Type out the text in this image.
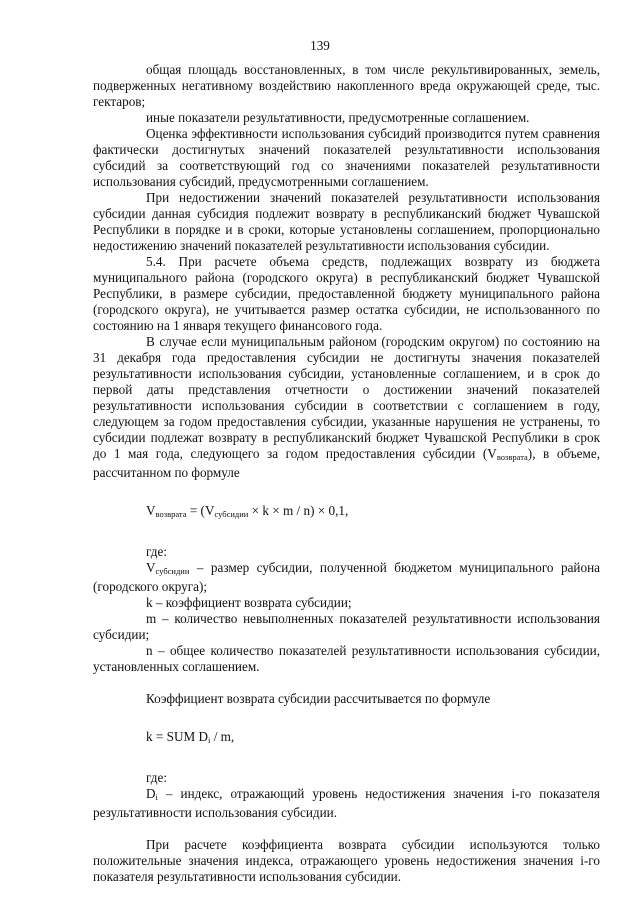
139

общая площадь восстановленных, в том числе рекультивированных, земель, подверженных негативному воздействию накопленного вреда окружающей среде, тыс. гектаров;

иные показатели результативности, предусмотренные соглашением.

Оценка эффективности использования субсидий производится путем сравнения фактически достигнутых значений показателей результативности использования субсидий за соответствующий год со значениями показателей результативности использования субсидий, предусмотренными соглашением.

При недостижении значений показателей результативности использования субсидии данная субсидия подлежит возврату в республиканский бюджет Чувашской Республики в порядке и в сроки, которые установлены соглашением, пропорционально недостижению значений показателей результативности использования субсидии.

5.4. При расчете объема средств, подлежащих возврату из бюджета муниципального района (городского округа) в республиканский бюджет Чувашской Республики, в размере субсидии, предоставленной бюджету муниципального района (городского округа), не учитывается размер остатка субсидии, не использованного по состоянию на 1 января текущего финансового года.

В случае если муниципальным районом (городским округом) по состоянию на 31 декабря года предоставления субсидии не достигнуты значения показателей результативности использования субсидии, установленные соглашением, и в срок до первой даты представления отчетности о достижении значений показателей результативности использования субсидии в соответствии с соглашением в году, следующем за годом предоставления субсидии, указанные нарушения не устранены, то субсидии подлежат возврату в республиканский бюджет Чувашской Республики в срок до 1 мая года, следующего за годом предоставления субсидии $(V_{возврата})$, в объеме, рассчитанном по формуле

$V_{возврата}$ = (Vсубсидии × k × m / n) × 0,1,

где:

$V_{субсидии}$ – размер субсидии, полученной бюджетом муниципального района (городского округа);

k – коэффициент возврата субсидии;

m – количество невыполненных показателей результативности использования субсидии;

n – общее количество показателей результативности использования субсидии, установленных соглашением.

Коэффициент возврата субсидии рассчитывается по формуле

k = SUM $D_i$ / m,

где:

$D_i$ – индекс, отражающий уровень недостижения значения i-го показателя результативности использования субсидии.

При расчете коэффициента возврата субсидии используются только положительные значения индекса, отражающего уровень недостижения значения i-го показателя результативности использования субсидии.
